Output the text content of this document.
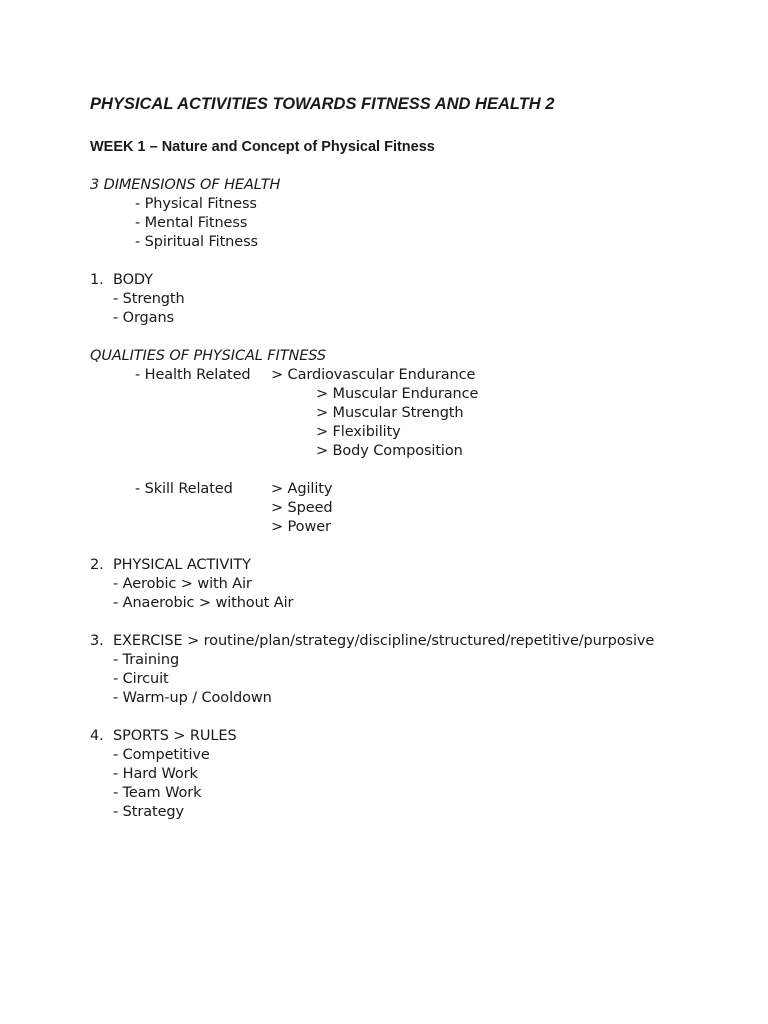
PHYSICAL ACTIVITIES TOWARDS FITNESS AND HEALTH 2
WEEK 1 – Nature and Concept of Physical Fitness
3 DIMENSIONS OF HEALTH
- Physical Fitness
- Mental Fitness
- Spiritual Fitness
1. BODY
- Strength
- Organs
QUALITIES OF PHYSICAL FITNESS
- Health Related > Cardiovascular Endurance
> Muscular Endurance
> Muscular Strength
> Flexibility
> Body Composition
- Skill Related	> Agility
> Speed
> Power
2. PHYSICAL ACTIVITY
- Aerobic > with Air
- Anaerobic > without Air
3. EXERCISE > routine/plan/strategy/discipline/structured/repetitive/purposive
- Training
- Circuit
- Warm-up / Cooldown
4. SPORTS > RULES
- Competitive
- Hard Work
- Team Work
- Strategy
